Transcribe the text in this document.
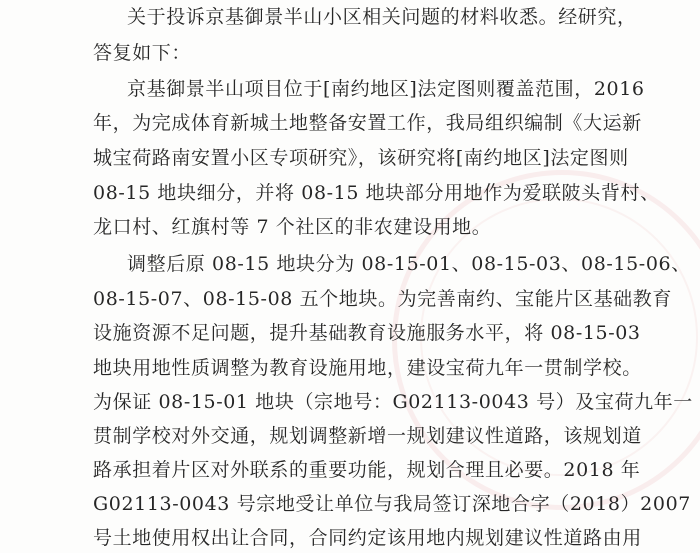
关于投诉京基御景半山小区相关问题的材料收悉。经研究，

答复如下：

京基御景半山项目位于[南约地区]法定图则覆盖范围，2016

年，为完成体育新城土地整备安置工作，我局组织编制《大运新

城宝荷路南安置小区专项研究》，该研究将[南约地区]法定图则

08-15 地块细分，并将 08-15 地块部分用地作为爱联陂头背村、

龙口村、红旗村等 7 个社区的非农建设用地。

调整后原 08-15 地块分为 08-15-01、08-15-03、08-15-06、

08-15-07、08-15-08 五个地块。为完善南约、宝能片区基础教育

设施资源不足问题，提升基础教育设施服务水平，将 08-15-03

地块用地性质调整为教育设施用地，建设宝荷九年一贯制学校。

为保证 08-15-01 地块（宗地号：G02113-0043 号）及宝荷九年一

贯制学校对外交通，规划调整新增一规划建议性道路，该规划道

路承担着片区对外联系的重要功能，规划合理且必要。2018 年

G02113-0043 号宗地受让单位与我局签订深地合字（2018）2007

号土地使用权出让合同，合同约定该用地内规划建议性道路由用
